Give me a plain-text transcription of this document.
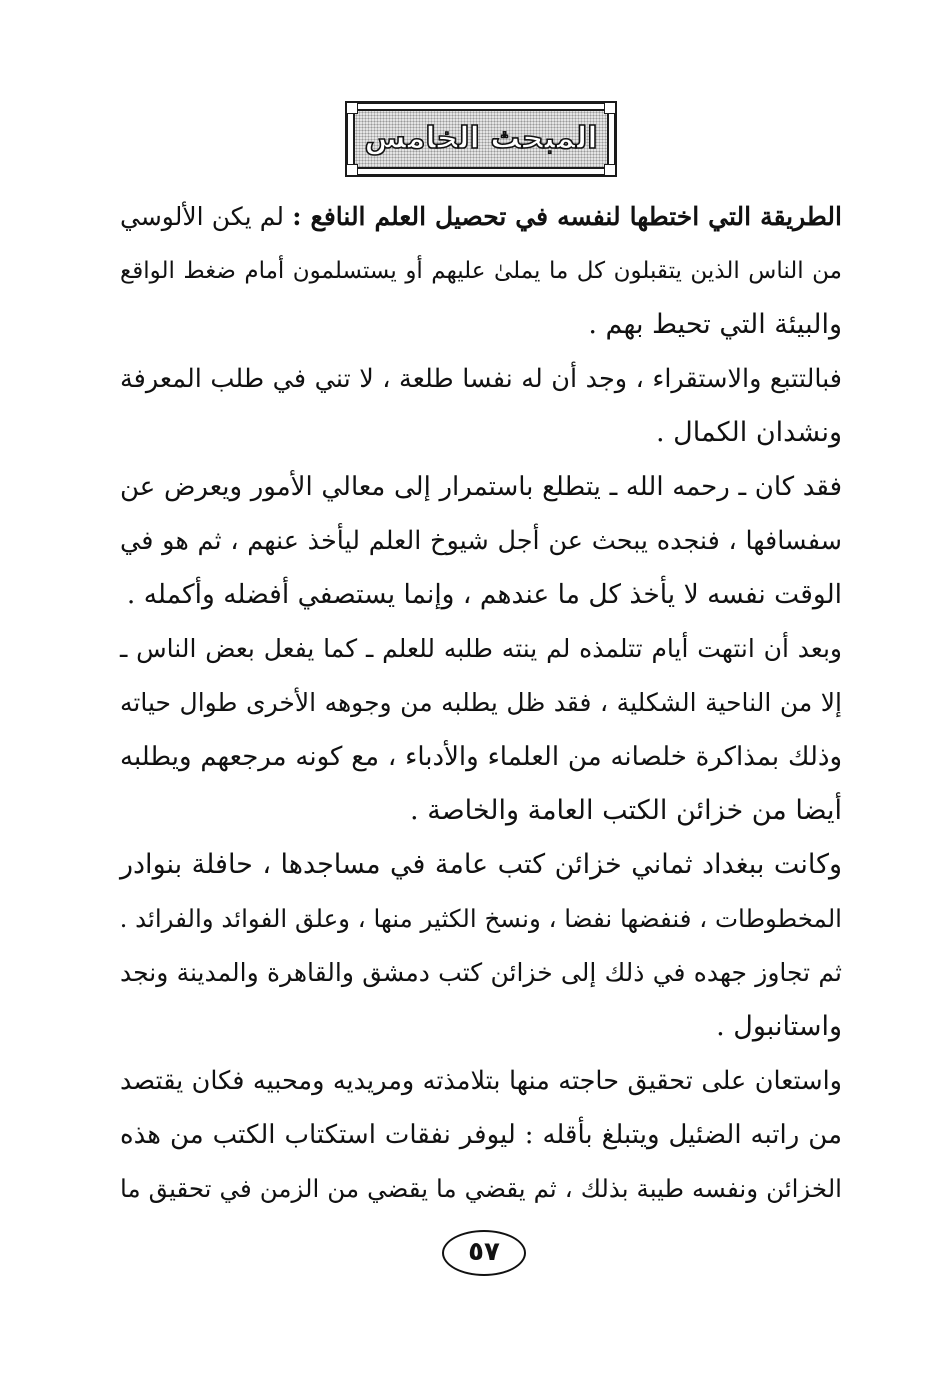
المبحث الخامس
الطريقة التي اختطها لنفسه في تحصيل العلم النافع : لم يكن الألوسي
من الناس الذين يتقبلون كل ما يملىٰ عليهم أو يستسلمون أمام ضغط الواقع
والبيئة التي تحيط بهم .
فبالتتبع والاستقراء ، وجد أن له نفسا طلعة ، لا تني في طلب المعرفة
ونشدان الكمال .
فقد كان ـ رحمه الله ـ يتطلع باستمرار إلى معالي الأمور ويعرض عن
سفسافها ، فنجده يبحث عن أجل شيوخ العلم ليأخذ عنهم ، ثم هو في
الوقت نفسه لا يأخذ كل ما عندهم ، وإنما يستصفي أفضله وأكمله .
وبعد أن انتهت أيام تتلمذه لم ينته طلبه للعلم ـ كما يفعل بعض الناس ـ
إلا من الناحية الشكلية ، فقد ظل يطلبه من وجوهه الأخرى طوال حياته
وذلك بمذاكرة خلصانه من العلماء والأدباء ، مع كونه مرجعهم ويطلبه
أيضا من خزائن الكتب العامة والخاصة .
وكانت ببغداد ثماني خزائن كتب عامة في مساجدها ، حافلة بنوادر
المخطوطات ، فنفضها نفضا ، ونسخ الكثير منها ، وعلق الفوائد والفرائد .
ثم تجاوز جهده في ذلك إلى خزائن كتب دمشق والقاهرة والمدينة ونجد
واستانبول .
واستعان على تحقيق حاجته منها بتلامذته ومريديه ومحبيه فكان يقتصد
من راتبه الضئيل ويتبلغ بأقله : ليوفر نفقات استكتاب الكتب من هذه
الخزائن ونفسه طيبة بذلك ، ثم يقضي ما يقضي من الزمن في تحقيق ما
٥٧
